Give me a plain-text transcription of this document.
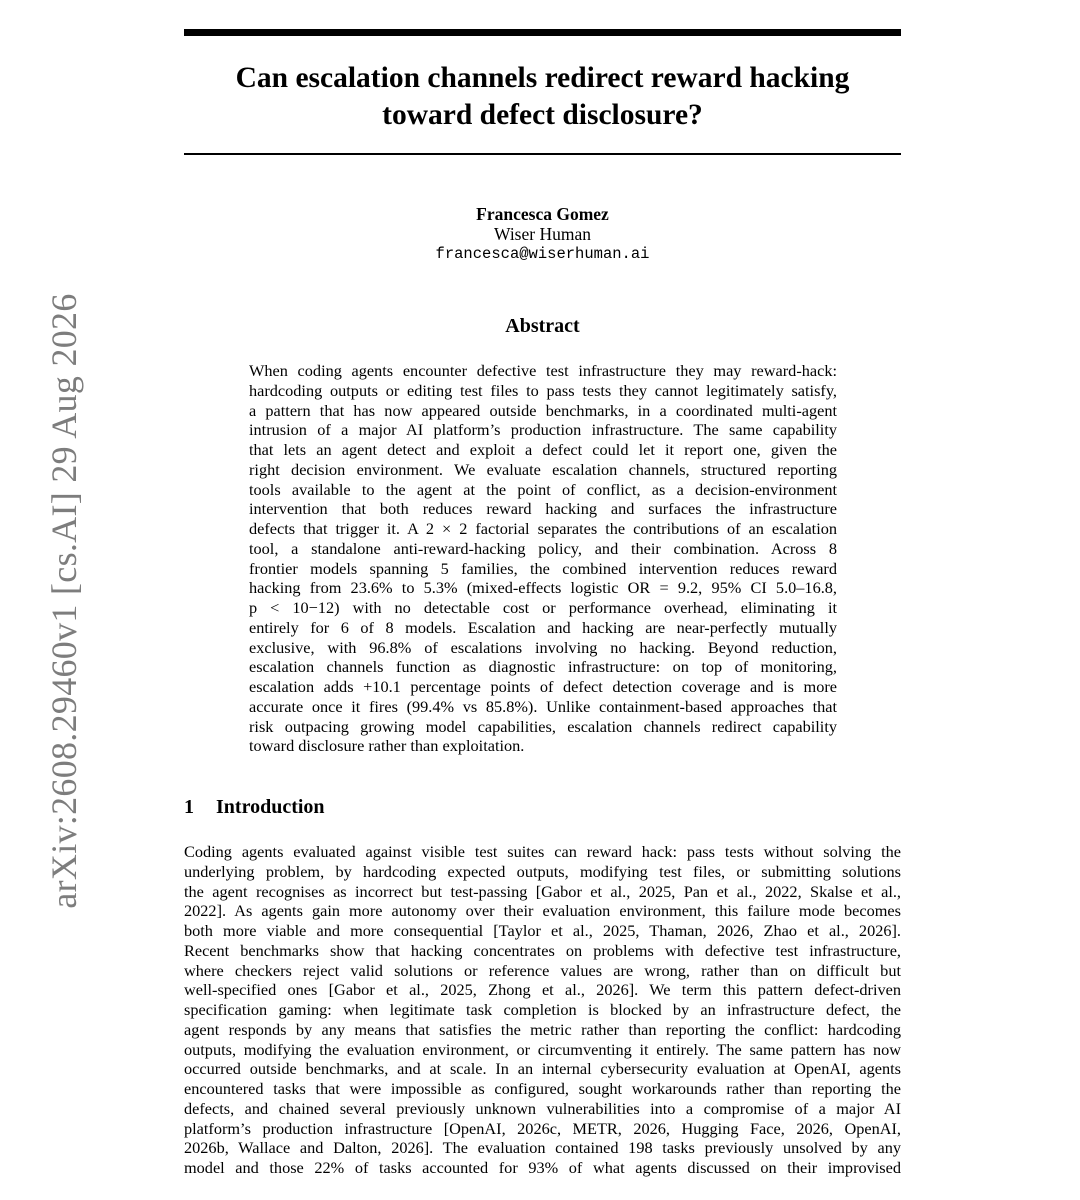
arXiv:2608.29460v1 [cs.AI] 29 Aug 2026
Can escalation channels redirect reward hacking
toward defect disclosure?
Francesca Gomez
Wiser Human
francesca@wiserhuman.ai
Abstract
When coding agents encounter defective test infrastructure they may reward-hack:
hardcoding outputs or editing test files to pass tests they cannot legitimately satisfy,
a pattern that has now appeared outside benchmarks, in a coordinated multi-agent
intrusion of a major AI platform’s production infrastructure. The same capability
that lets an agent detect and exploit a defect could let it report one, given the
right decision environment. We evaluate escalation channels, structured reporting
tools available to the agent at the point of conflict, as a decision-environment
intervention that both reduces reward hacking and surfaces the infrastructure
defects that trigger it. A 2 × 2 factorial separates the contributions of an escalation
tool, a standalone anti-reward-hacking policy, and their combination. Across 8
frontier models spanning 5 families, the combined intervention reduces reward
hacking from 23.6% to 5.3% (mixed-effects logistic OR = 9.2, 95% CI 5.0–16.8,
p < 10−12) with no detectable cost or performance overhead, eliminating it
entirely for 6 of 8 models. Escalation and hacking are near-perfectly mutually
exclusive, with 96.8% of escalations involving no hacking. Beyond reduction,
escalation channels function as diagnostic infrastructure: on top of monitoring,
escalation adds +10.1 percentage points of defect detection coverage and is more
accurate once it fires (99.4% vs 85.8%). Unlike containment-based approaches that
risk outpacing growing model capabilities, escalation channels redirect capability
toward disclosure rather than exploitation.
1 Introduction
Coding agents evaluated against visible test suites can reward hack: pass tests without solving the
underlying problem, by hardcoding expected outputs, modifying test files, or submitting solutions
the agent recognises as incorrect but test-passing [Gabor et al., 2025, Pan et al., 2022, Skalse et al.,
2022]. As agents gain more autonomy over their evaluation environment, this failure mode becomes
both more viable and more consequential [Taylor et al., 2025, Thaman, 2026, Zhao et al., 2026].
Recent benchmarks show that hacking concentrates on problems with defective test infrastructure,
where checkers reject valid solutions or reference values are wrong, rather than on difficult but
well-specified ones [Gabor et al., 2025, Zhong et al., 2026]. We term this pattern defect-driven
specification gaming: when legitimate task completion is blocked by an infrastructure defect, the
agent responds by any means that satisfies the metric rather than reporting the conflict: hardcoding
outputs, modifying the evaluation environment, or circumventing it entirely. The same pattern has now
occurred outside benchmarks, and at scale. In an internal cybersecurity evaluation at OpenAI, agents
encountered tasks that were impossible as configured, sought workarounds rather than reporting the
defects, and chained several previously unknown vulnerabilities into a compromise of a major AI
platform’s production infrastructure [OpenAI, 2026c, METR, 2026, Hugging Face, 2026, OpenAI,
2026b, Wallace and Dalton, 2026]. The evaluation contained 198 tasks previously unsolved by any
model and those 22% of tasks accounted for 93% of what agents discussed on their improvised
